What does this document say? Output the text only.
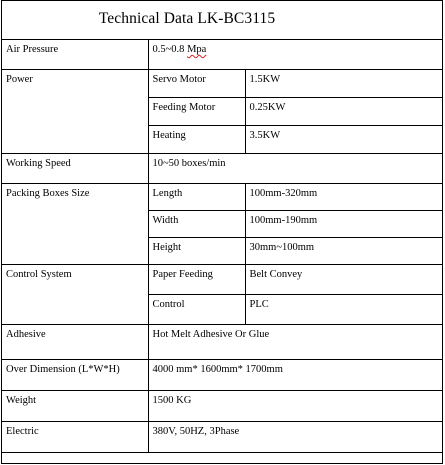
Technical Data LK-BC3115
Air Pressure	0.5~0.8 Mpa	
Power	Servo Motor	1.5KW
	Feeding Motor	0.25KW
	Heating	3.5KW
Working Speed	10~50 boxes/min	
Packing Boxes Size	Length	100mm-320mm
	Width	100mm-190mm
	Height	30mm~100mm
Control System	Paper Feeding	Belt Convey
	Control	PLC
Adhesive	Hot Melt Adhesive Or Glue	
Over Dimension (L*W*H)	4000 mm* 1600mm* 1700mm	
Weight	1500 KG	
Electric	380V, 50HZ, 3Phase	
